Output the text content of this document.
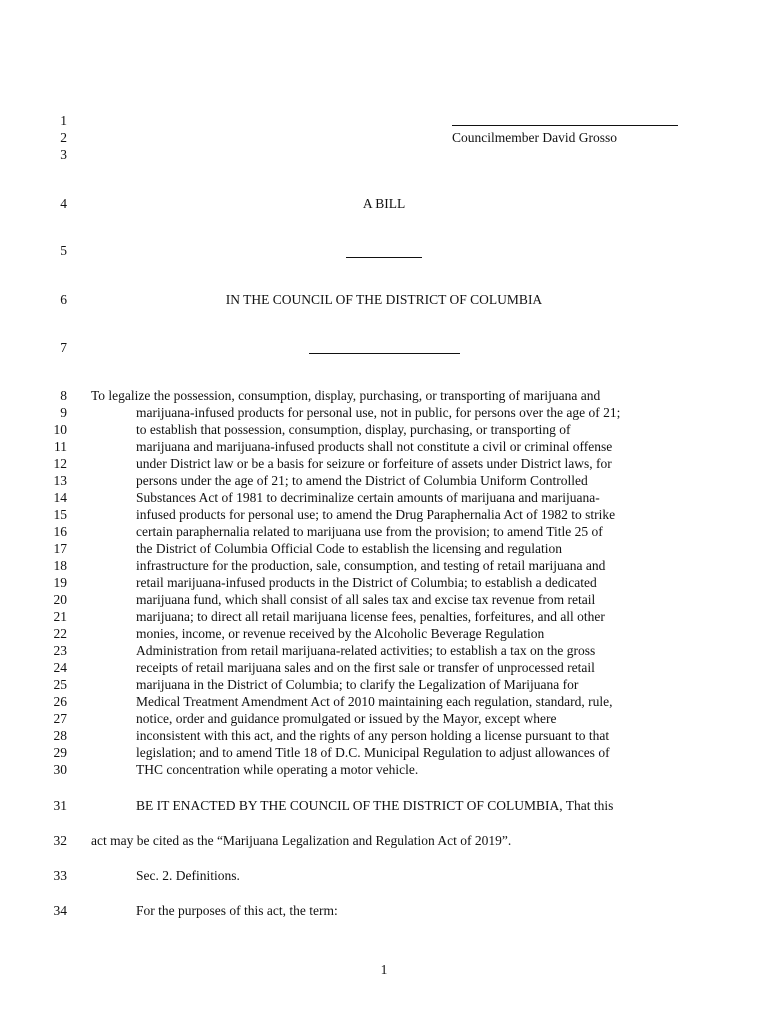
1
2
3
Councilmember David Grosso
4	A BILL
5
6	IN THE COUNCIL OF THE DISTRICT OF COLUMBIA
7
8 To legalize the possession, consumption, display, purchasing, or transporting of marijuana and
9	marijuana-infused products for personal use, not in public, for persons over the age of 21;
10	to establish that possession, consumption, display, purchasing, or transporting of
11	marijuana and marijuana-infused products shall not constitute a civil or criminal offense
12	under District law or be a basis for seizure or forfeiture of assets under District laws, for
13	persons under the age of 21; to amend the District of Columbia Uniform Controlled
14	Substances Act of 1981 to decriminalize certain amounts of marijuana and marijuana-
15	infused products for personal use; to amend the Drug Paraphernalia Act of 1982 to strike
16	certain paraphernalia related to marijuana use from the provision; to amend Title 25 of
17	the District of Columbia Official Code to establish the licensing and regulation
18	infrastructure for the production, sale, consumption, and testing of retail marijuana and
19	retail marijuana-infused products in the District of Columbia; to establish a dedicated
20	marijuana fund, which shall consist of all sales tax and excise tax revenue from retail
21	marijuana; to direct all retail marijuana license fees, penalties, forfeitures, and all other
22	monies, income, or revenue received by the Alcoholic Beverage Regulation
23	Administration from retail marijuana-related activities; to establish a tax on the gross
24	receipts of retail marijuana sales and on the first sale or transfer of unprocessed retail
25	marijuana in the District of Columbia; to clarify the Legalization of Marijuana for
26	Medical Treatment Amendment Act of 2010 maintaining each regulation, standard, rule,
27	notice, order and guidance promulgated or issued by the Mayor, except where
28	inconsistent with this act, and the rights of any person holding a license pursuant to that
29	legislation; and to amend Title 18 of D.C. Municipal Regulation to adjust allowances of
30	THC concentration while operating a motor vehicle.
31	BE IT ENACTED BY THE COUNCIL OF THE DISTRICT OF COLUMBIA, That this
32 act may be cited as the “Marijuana Legalization and Regulation Act of 2019”.
33	Sec. 2. Definitions.
34	For the purposes of this act, the term:
1
